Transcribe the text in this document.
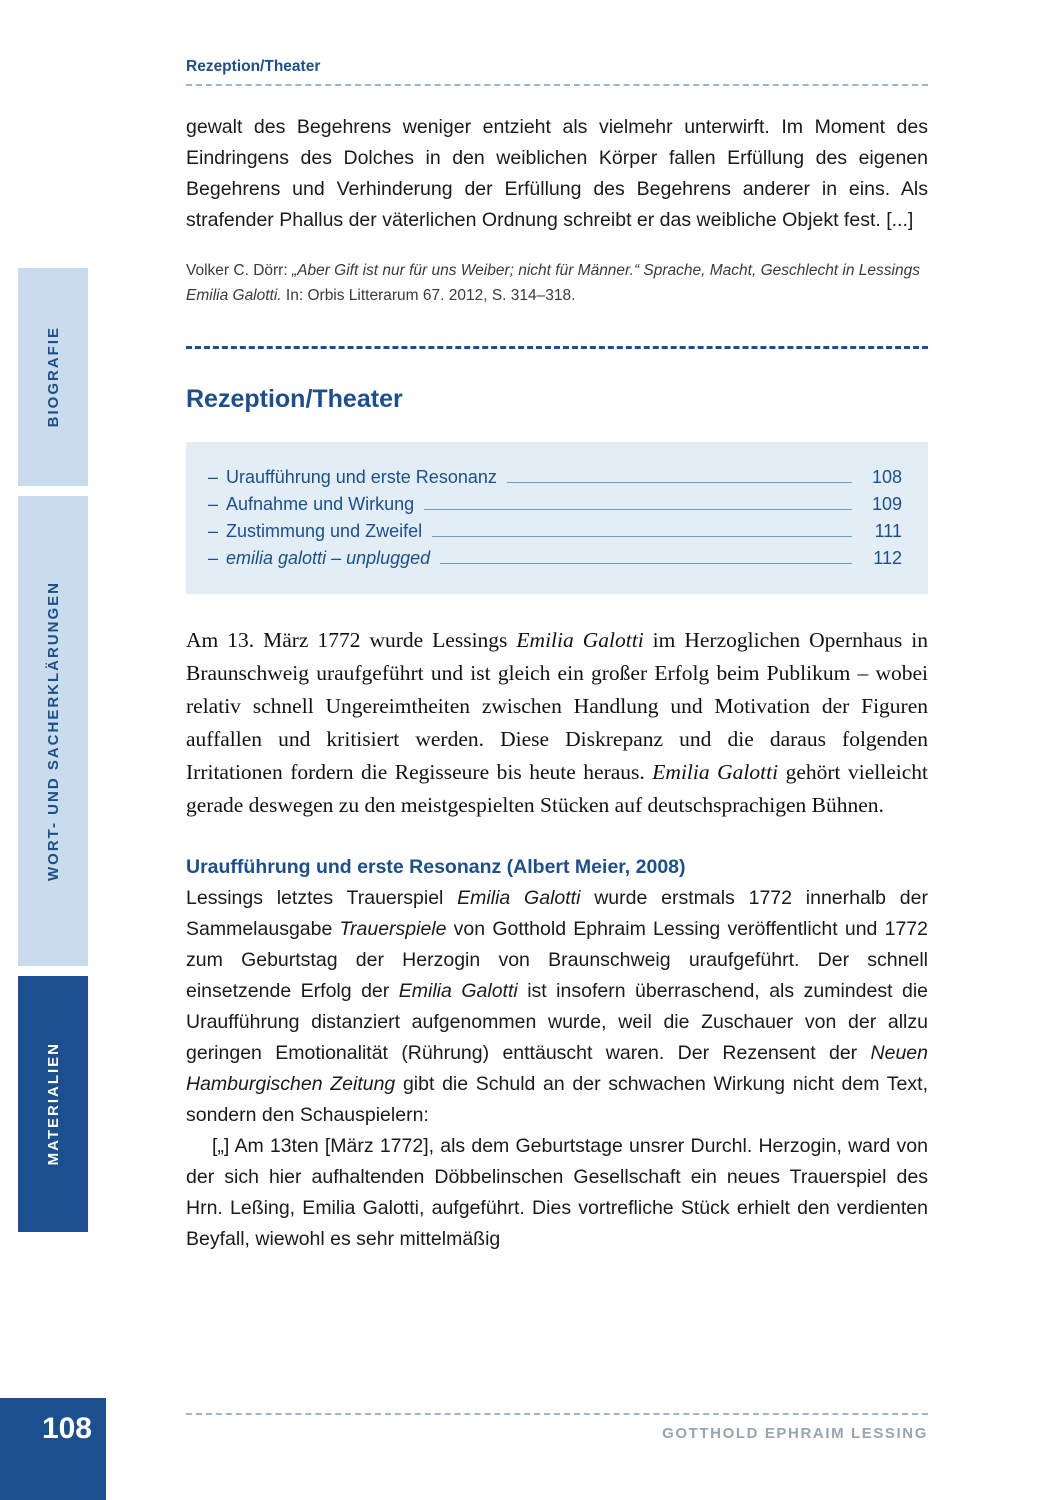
BIOGRAFIE
WORT- UND SACHERKLÄRUNGEN
MATERIALIEN
108
Rezeption/Theater

gewalt des Begehrens weniger entzieht als vielmehr unterwirft. Im Moment des Eindringens des Dolches in den weiblichen Körper fallen Erfüllung des eigenen Begehrens und Verhinderung der Erfüllung des Begehrens anderer in eins. Als strafender Phallus der väterlichen Ordnung schreibt er das weibliche Objekt fest. [...]

Volker C. Dörr: „Aber Gift ist nur für uns Weiber; nicht für Männer.“ Sprache, Macht, Geschlecht in Lessings Emilia Galotti. In: Orbis Litterarum 67. 2012, S. 314–318.

Rezeption/Theater
– Uraufführung und erste Resonanz	108
– Aufnahme und Wirkung	109
– Zustimmung und Zweifel	111
– emilia galotti – unplugged	112

Am 13. März 1772 wurde Lessings Emilia Galotti im Herzoglichen Opernhaus in Braunschweig uraufgeführt und ist gleich ein großer Erfolg beim Publikum – wobei relativ schnell Ungereimtheiten zwischen Handlung und Motivation der Figuren auffallen und kritisiert werden. Diese Diskrepanz und die daraus folgenden Irritationen fordern die Regisseure bis heute heraus. Emilia Galotti gehört vielleicht gerade deswegen zu den meistgespielten Stücken auf deutschsprachigen Bühnen.

Uraufführung und erste Resonanz (Albert Meier, 2008)

Lessings letztes Trauerspiel Emilia Galotti wurde erstmals 1772 innerhalb der Sammelausgabe Trauerspiele von Gotthold Ephraim Lessing veröffentlicht und 1772 zum Geburtstag der Herzogin von Braunschweig uraufgeführt. Der schnell einsetzende Erfolg der Emilia Galotti ist insofern überraschend, als zumindest die Uraufführung distanziert aufgenommen wurde, weil die Zuschauer von der allzu geringen Emotionalität (Rührung) enttäuscht waren. Der Rezensent der Neuen Hamburgischen Zeitung gibt die Schuld an der schwachen Wirkung nicht dem Text, sondern den Schauspielern:

[„] Am 13ten [März 1772], als dem Geburtstage unsrer Durchl. Herzogin, ward von der sich hier aufhaltenden Döbbelinschen Gesellschaft ein neues Trauerspiel des Hrn. Leßing, Emilia Galotti, aufgeführt. Dies vortrefliche Stück erhielt den verdienten Beyfall, wiewohl es sehr mittelmäßig

GOTTHOLD EPHRAIM LESSING
